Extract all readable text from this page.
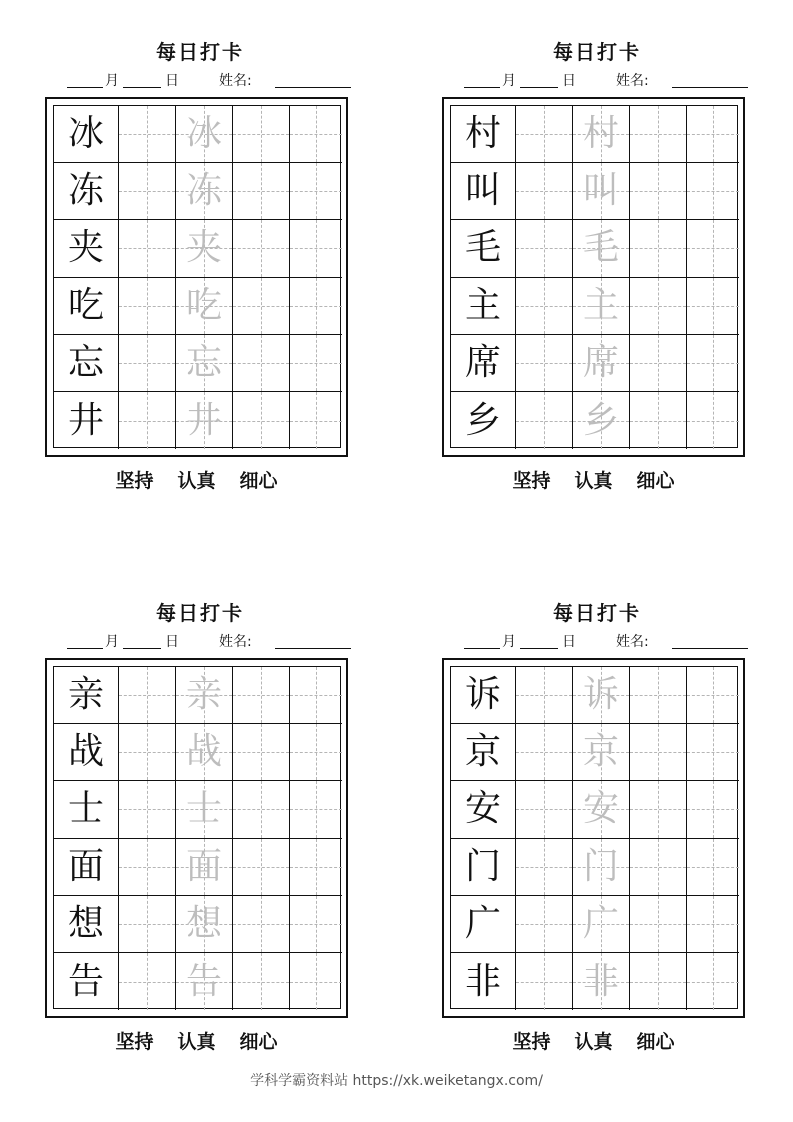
每日打卡
月	日	姓名:
冰	冰
冻	冻
夹	夹
吃	吃
忘	忘
井	井
坚持 认真 细心
每日打卡
月	日	姓名:
村	村
叫	叫
毛	毛
主	主
席	席
乡	乡
坚持 认真 细心
每日打卡
月	日	姓名:
亲	亲
战	战
士	士
面	面
想	想
告	告
坚持 认真 细心
每日打卡
月	日	姓名:
诉	诉
京	京
安	安
门	门
广	广
非	非
坚持 认真 细心
学科学霸资料站 https://xk.weiketangx.com/
